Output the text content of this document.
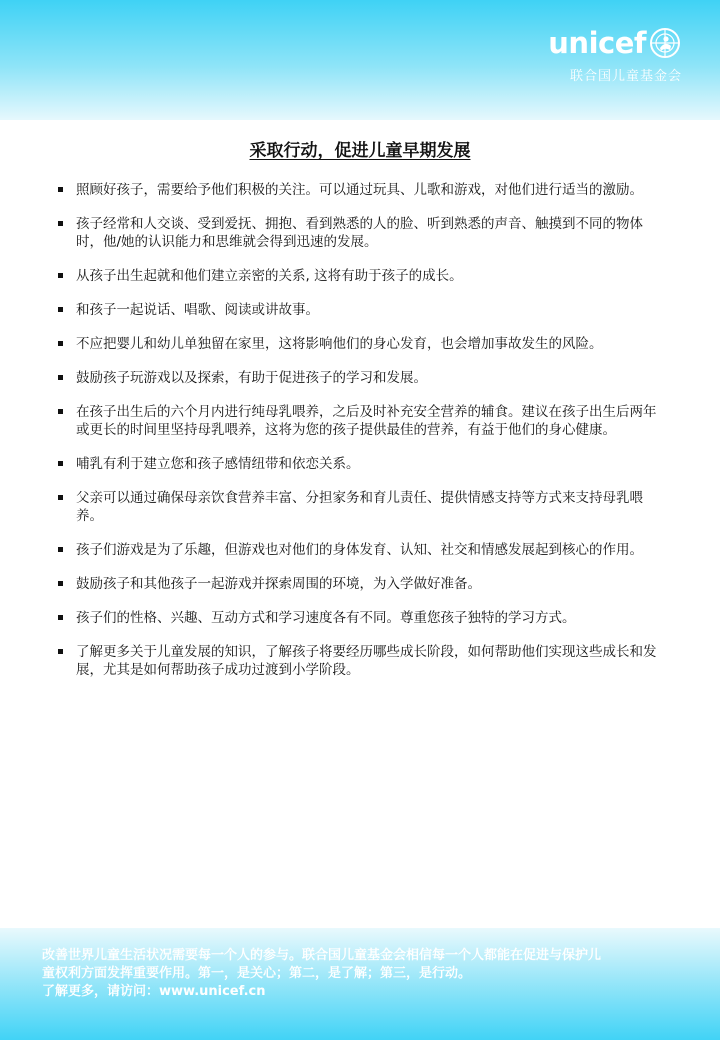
unicef
联合国儿童基金会
采取行动，促进儿童早期发展
照顾好孩子，需要给予他们积极的关注。可以通过玩具、儿歌和游戏，对他们进行适当的激励。
孩子经常和人交谈、受到爱抚、拥抱、看到熟悉的人的脸、听到熟悉的声音、触摸到不同的物体时，他/她的认识能力和思维就会得到迅速的发展。
从孩子出生起就和他们建立亲密的关系, 这将有助于孩子的成长。
和孩子一起说话、唱歌、阅读或讲故事。
不应把婴儿和幼儿单独留在家里，这将影响他们的身心发育，也会增加事故发生的风险。
鼓励孩子玩游戏以及探索，有助于促进孩子的学习和发展。
在孩子出生后的六个月内进行纯母乳喂养，之后及时补充安全营养的辅食。建议在孩子出生后两年或更长的时间里坚持母乳喂养，这将为您的孩子提供最佳的营养，有益于他们的身心健康。
哺乳有利于建立您和孩子感情纽带和依恋关系。
父亲可以通过确保母亲饮食营养丰富、分担家务和育儿责任、提供情感支持等方式来支持母乳喂养。
孩子们游戏是为了乐趣，但游戏也对他们的身体发育、认知、社交和情感发展起到核心的作用。
鼓励孩子和其他孩子一起游戏并探索周围的环境，为入学做好准备。
孩子们的性格、兴趣、互动方式和学习速度各有不同。尊重您孩子独特的学习方式。
了解更多关于儿童发展的知识，了解孩子将要经历哪些成长阶段，如何帮助他们实现这些成长和发展，尤其是如何帮助孩子成功过渡到小学阶段。
改善世界儿童生活状况需要每一个人的参与。联合国儿童基金会相信每一个人都能在促进与保护儿
童权利方面发挥重要作用。第一，是关心；第二，是了解；第三，是行动。
了解更多，请访问：www.unicef.cn
